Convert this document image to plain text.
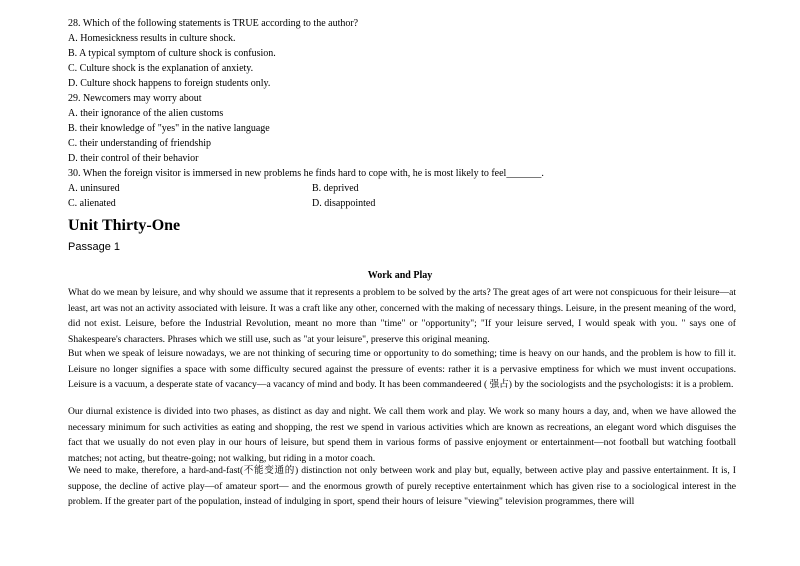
28. Which of the following statements is TRUE according to the author?
A. Homesickness results in culture shock.
B. A typical symptom of culture shock is confusion.
C. Culture shock is the explanation of anxiety.
D. Culture shock happens to foreign students only.
29. Newcomers may worry about
A. their ignorance of the alien customs
B. their knowledge of "yes" in the native language
C. their understanding of friendship
D. their control of their behavior
30. When the foreign visitor is immersed in new problems he finds hard to cope with, he is most likely to feel_______.
A. uninsured	B. deprived
C. alienated	D. disappointed
Unit Thirty-One
Passage 1
Work and Play
What do we mean by leisure, and why should we assume that it represents a problem to be solved by the arts? The great ages of art were not conspicuous for their leisure—at least, art was not an activity associated with leisure. It was a craft like any other, concerned with the making of necessary things. Leisure, in the present meaning of the word, did not exist. Leisure, before the Industrial Revolution, meant no more than "time" or "opportunity"; "If your leisure served, I would speak with you. " says one of Shakespeare's characters. Phrases which we still use, such as "at your leisure", preserve this original meaning.
But when we speak of leisure nowadays, we are not thinking of securing time or opportunity to do something; time is heavy on our hands, and the problem is how to fill it. Leisure no longer signifies a space with some difficulty secured against the pressure of events: rather it is a pervasive emptiness for which we must invent occupations. Leisure is a vacuum, a desperate state of vacancy—a vacancy of mind and body. It has been commandeered ( 强占) by the sociologists and the psychologists: it is a problem.
Our diurnal existence is divided into two phases, as distinct as day and night. We call them work and play. We work so many hours a day, and, when we have allowed the necessary minimum for such activities as eating and shopping, the rest we spend in various activities which are known as recreations, an elegant word which disguises the fact that we usually do not even play in our hours of leisure, but spend them in various forms of passive enjoyment or entertainment—not football but watching football matches; not acting, but theatre-going; not walking, but riding in a motor coach.
We need to make, therefore, a hard-and-fast(不能变通的) distinction not only between work and play but, equally, between active play and passive entertainment. It is, I suppose, the decline of active play—of amateur sport— and the enormous growth of purely receptive entertainment which has given rise to a sociological interest in the problem. If the greater part of the population, instead of indulging in sport, spend their hours of leisure "viewing" television programmes, there will
